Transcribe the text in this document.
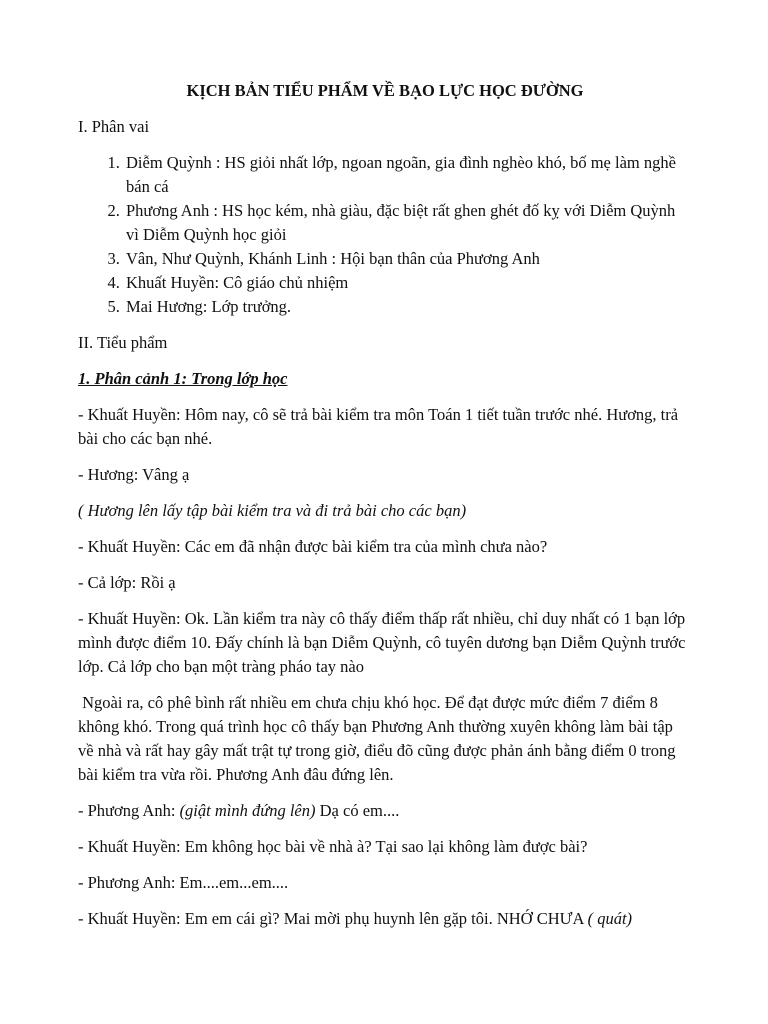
KỊCH BẢN TIỂU PHẨM VỀ BẠO LỰC HỌC ĐƯỜNG
I. Phân vai
1. Diễm Quỳnh : HS giỏi nhất lớp, ngoan ngoãn, gia đình nghèo khó, bố mẹ làm nghề bán cá
2. Phương Anh : HS học kém, nhà giàu, đặc biệt rất ghen ghét đố kỵ với Diễm Quỳnh vì Diễm Quỳnh học giỏi
3. Vân, Như Quỳnh, Khánh Linh : Hội bạn thân của Phương Anh
4. Khuất Huyền: Cô giáo chủ nhiệm
5. Mai Hương: Lớp trưởng.
II. Tiểu phẩm
1. Phân cảnh 1: Trong lớp học

- Khuất Huyền: Hôm nay, cô sẽ trả bài kiểm tra môn Toán 1 tiết tuần trước nhé. Hương, trả bài cho các bạn nhé.

- Hương: Vâng ạ

( Hương lên lấy tập bài kiểm tra và đi trả bài cho các bạn)

- Khuất Huyền: Các em đã nhận được bài kiểm tra của mình chưa nào?

- Cả lớp: Rồi ạ

- Khuất Huyền: Ok. Lần kiểm tra này cô thấy điểm thấp rất nhiều, chỉ duy nhất có 1 bạn lớp mình được điểm 10. Đấy chính là bạn Diễm Quỳnh, cô tuyên dương bạn Diễm Quỳnh trước lớp. Cả lớp cho bạn một tràng pháo tay nào

Ngoài ra, cô phê bình rất nhiều em chưa chịu khó học. Để đạt được mức điểm 7 điểm 8 không khó. Trong quá trình học cô thấy bạn Phương Anh thường xuyên không làm bài tập về nhà và rất hay gây mất trật tự trong giờ, điểu đõ cũng được phản ánh bằng điểm 0 trong bài kiểm tra vừa rồi. Phương Anh đâu đứng lên.

- Phương Anh: (giật mình đứng lên) Dạ có em....

- Khuất Huyền: Em không học bài về nhà à? Tại sao lại không làm được bài?

- Phương Anh: Em....em...em....

- Khuất Huyền: Em em cái gì? Mai mời phụ huynh lên gặp tôi. NHỚ CHƯA ( quát)
